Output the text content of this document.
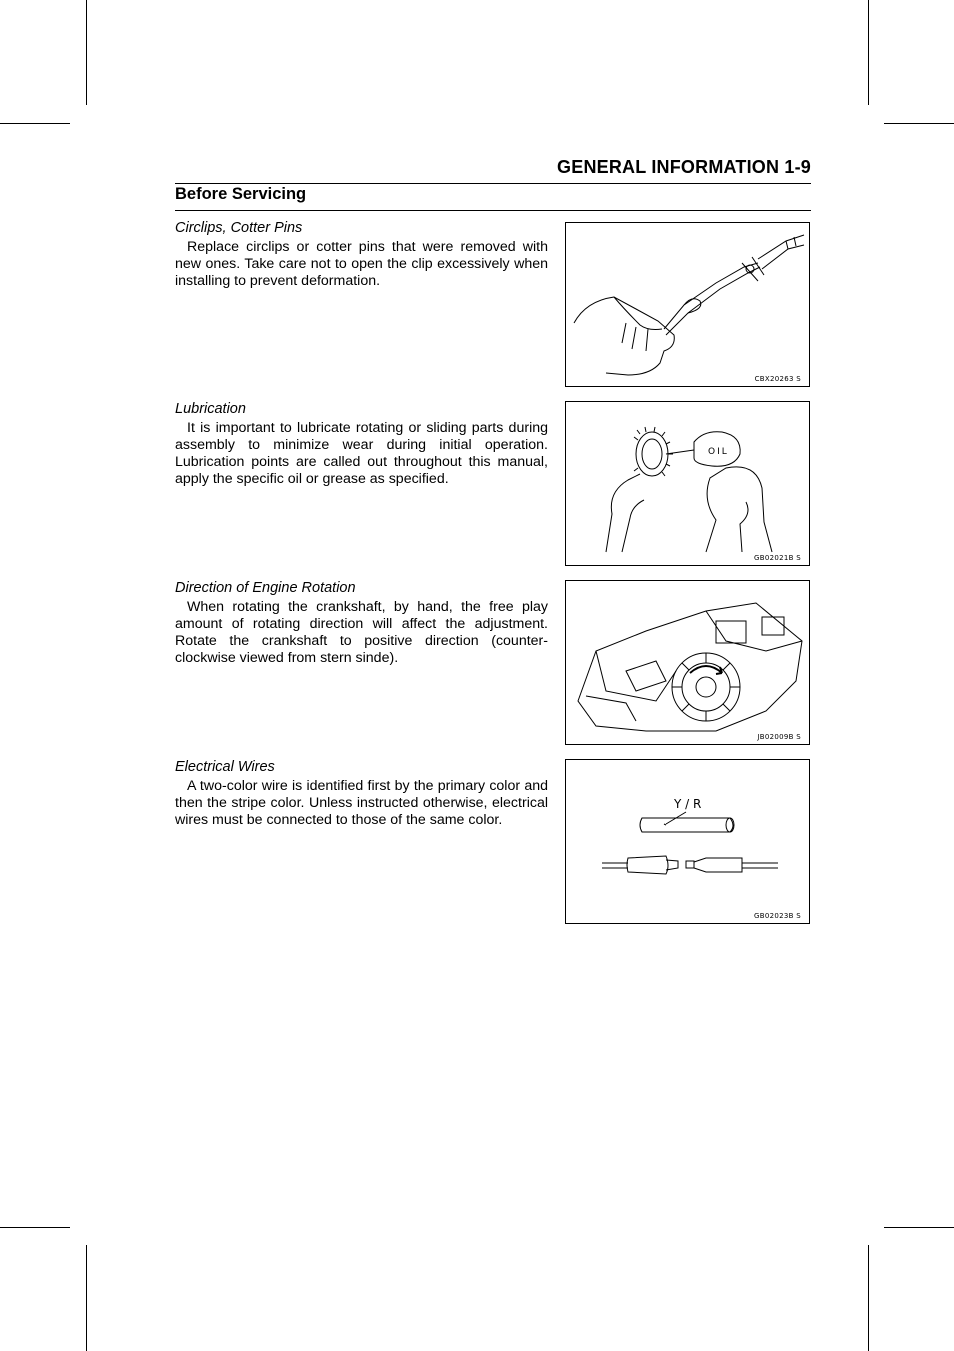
GENERAL INFORMATION 1-9
Before Servicing
Circlips, Cotter Pins

Replace circlips or cotter pins that were removed with new ones. Take care not to open the clip excessively when installing to prevent deformation.

CBX20263 S
Lubrication

It is important to lubricate rotating or sliding parts during assembly to minimize wear during initial operation. Lubrication points are called out throughout this manual, apply the specific oil or grease as specified.

OIL
GB02021B S
Direction of Engine Rotation

When rotating the crankshaft, by hand, the free play amount of rotating direction will affect the adjustment. Rotate the crankshaft to positive direction (counter-clockwise viewed from stern sinde).

JB02009B S
Electrical Wires

A two-color wire is identified first by the primary color and then the stripe color. Unless instructed otherwise, electrical wires must be connected to those of the same color.

Y / R
GB02023B S
